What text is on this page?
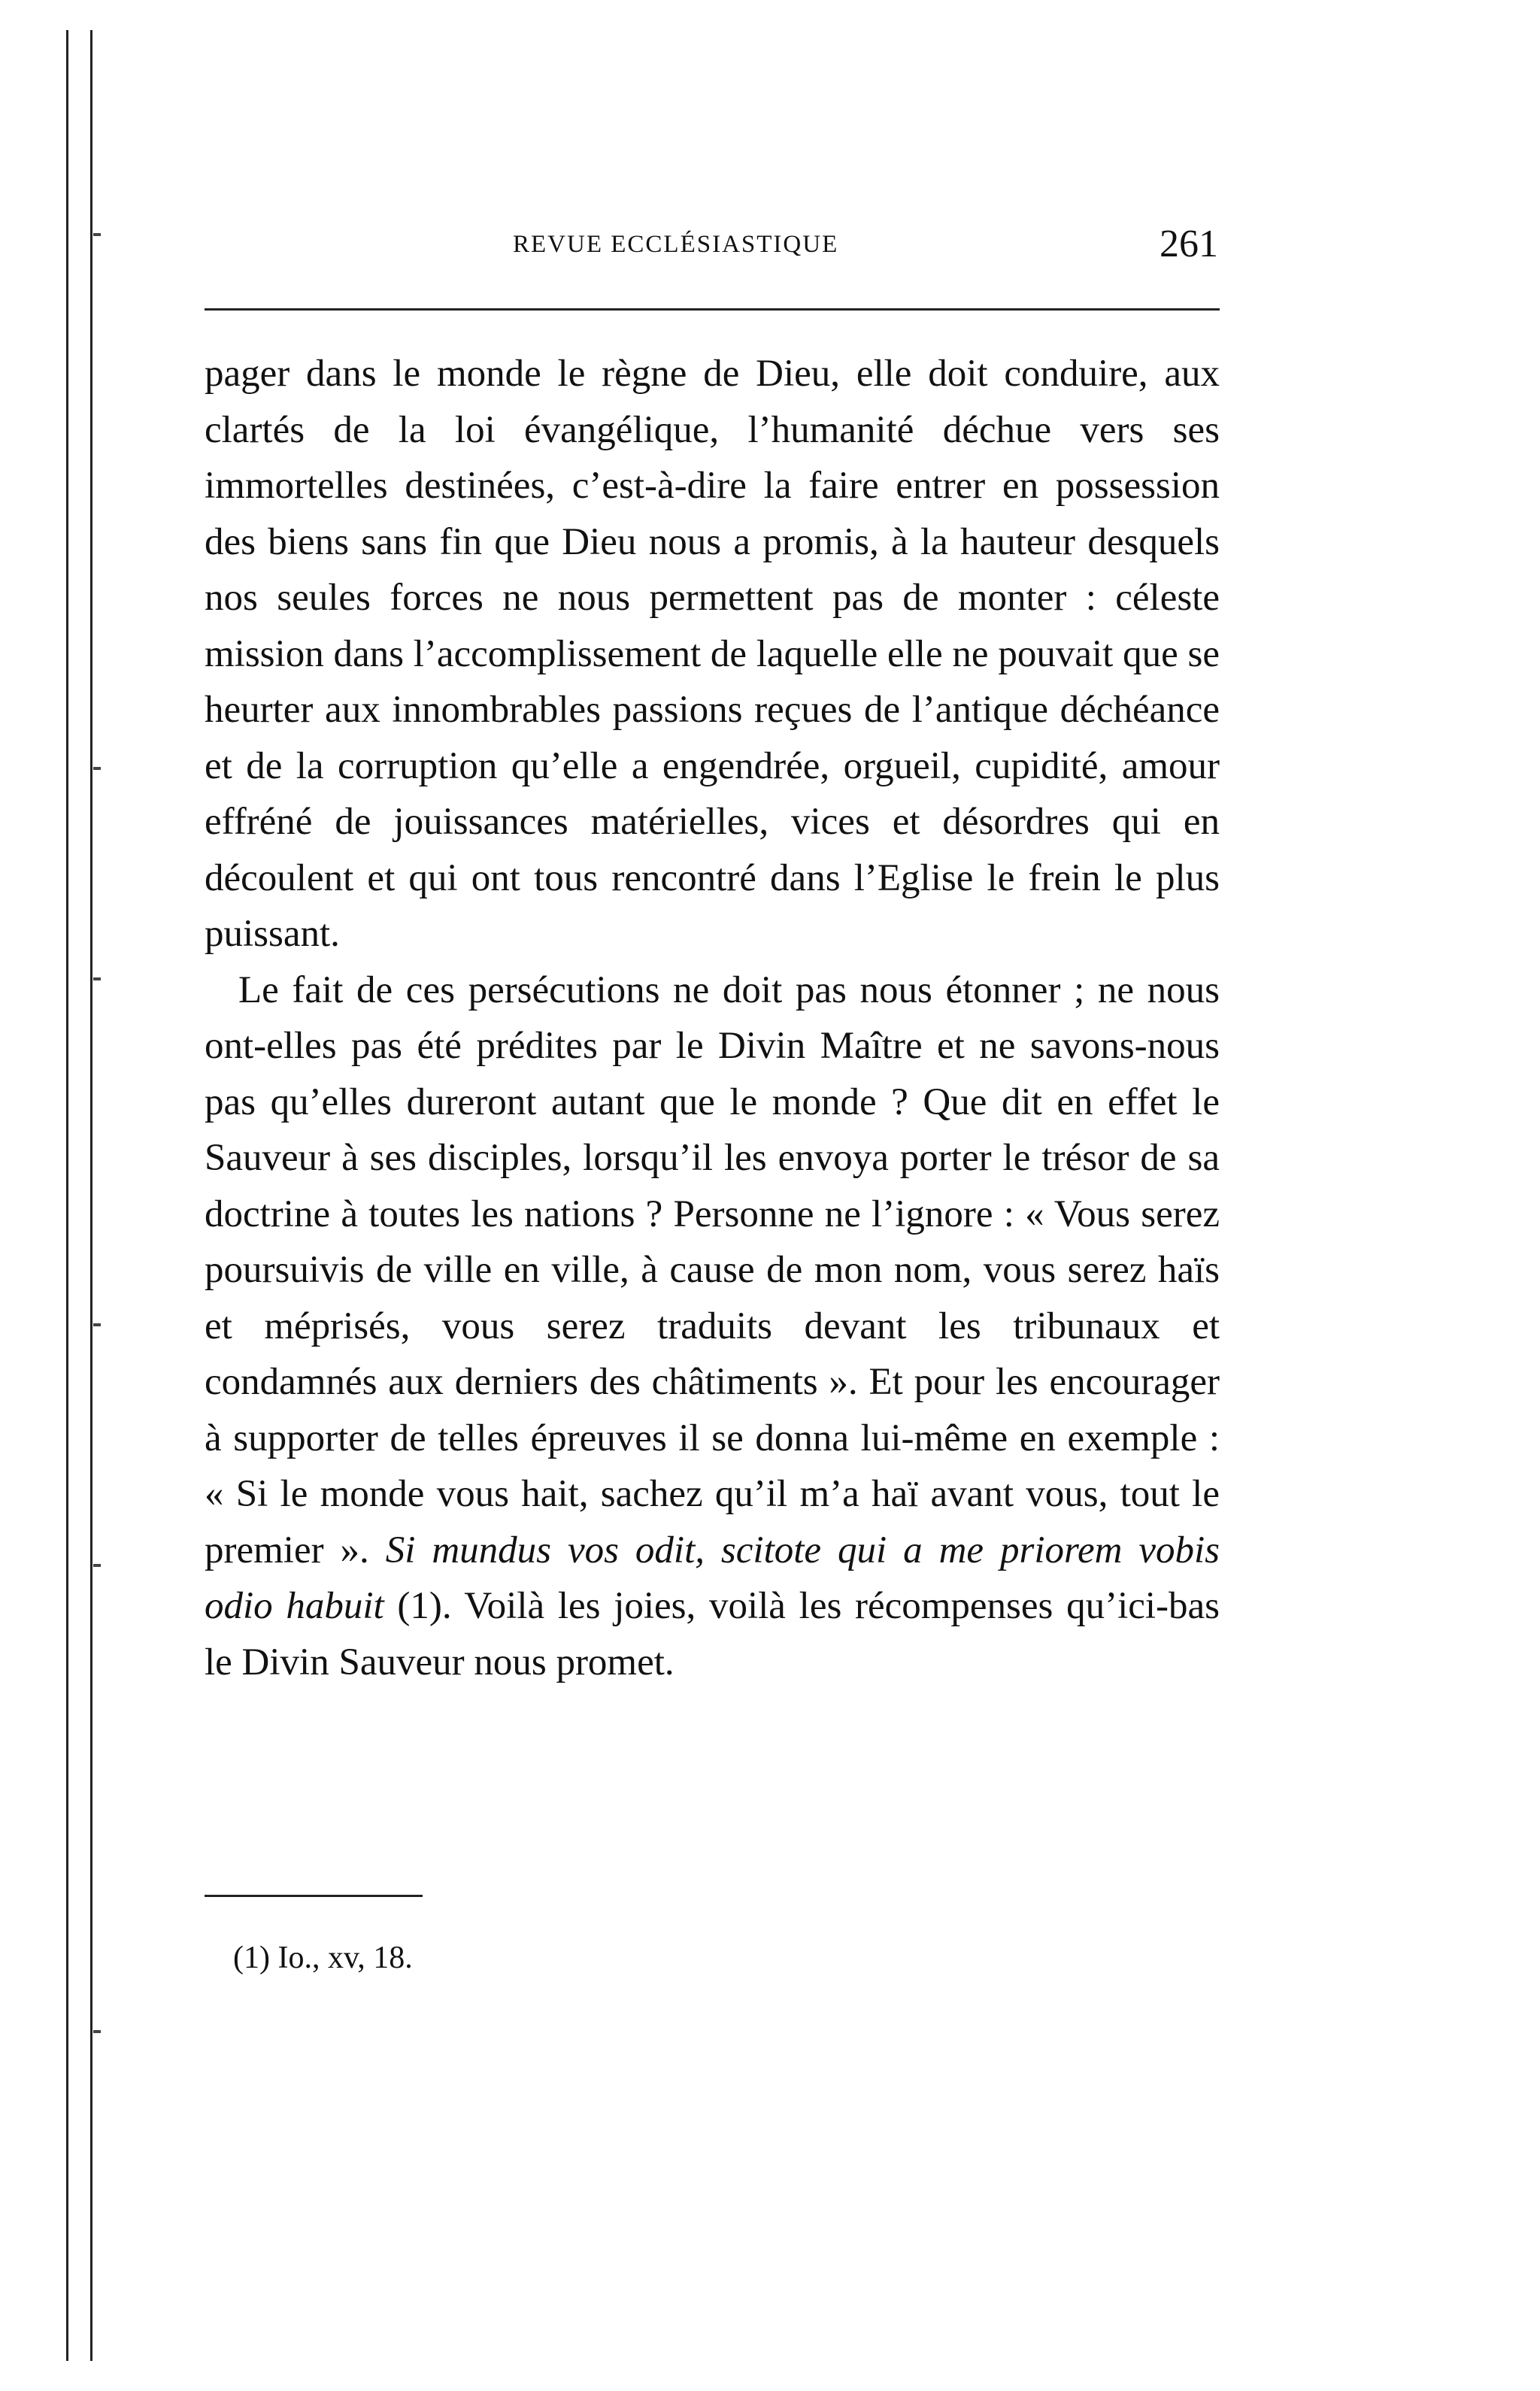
REVUE ECCLÉSIASTIQUE	261

pager dans le monde le règne de Dieu, elle doit conduire, aux clartés de la loi évangélique, l’humanité déchue vers ses immortelles destinées, c’est-à-dire la faire entrer en possession des biens sans fin que Dieu nous a promis, à la hauteur desquels nos seules forces ne nous permettent pas de monter : céleste mission dans l’accomplissement de laquelle elle ne pouvait que se heurter aux innombrables passions reçues de l’antique déchéance et de la corruption qu’elle a engendrée, orgueil, cupidité, amour effréné de jouissances matérielles, vices et désordres qui en découlent et qui ont tous rencontré dans l’Eglise le frein le plus puissant.

Le fait de ces persécutions ne doit pas nous étonner ; ne nous ont-elles pas été prédites par le Divin Maître et ne savons-nous pas qu’elles dureront autant que le monde ? Que dit en effet le Sauveur à ses disciples, lorsqu’il les envoya porter le trésor de sa doctrine à toutes les nations ? Personne ne l’ignore : « Vous serez poursuivis de ville en ville, à cause de mon nom, vous serez haïs et méprisés, vous serez traduits devant les tribunaux et condamnés aux derniers des châtiments ». Et pour les encourager à supporter de telles épreuves il se donna lui-même en exemple : « Si le monde vous hait, sachez qu’il m’a haï avant vous, tout le premier ». Si mundus vos odit, scitote qui a me priorem vobis odio habuit (1). Voilà les joies, voilà les récompenses qu’ici-bas le Divin Sauveur nous promet.

(1) Io., xv, 18.
